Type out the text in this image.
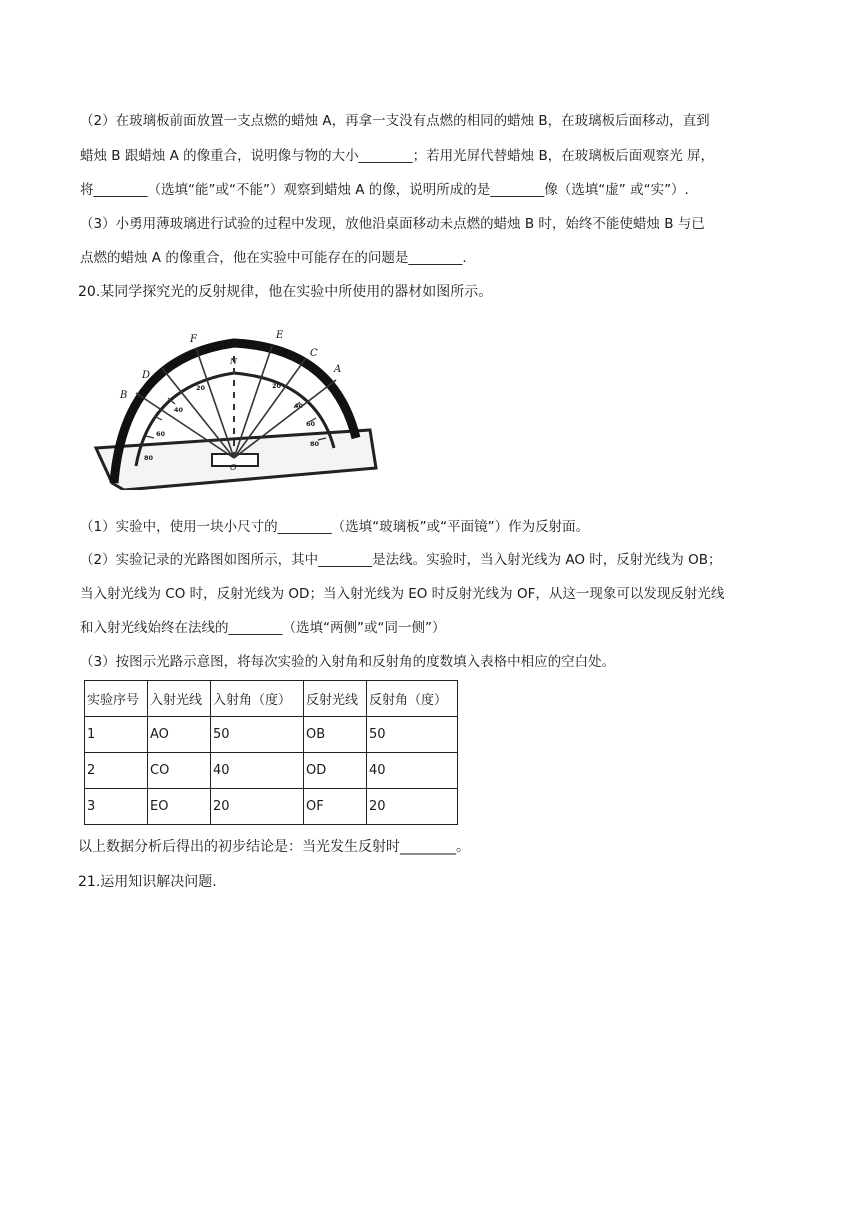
（2）在玻璃板前面放置一支点燃的蜡烛 A，再拿一支没有点燃的相同的蜡烛 B，在玻璃板后面移动，直到
蜡烛 B 跟蜡烛 A 的像重合，说明像与物的大小________；若用光屏代替蜡烛 B，在玻璃板后面观察光 屏，
将________（选填“能”或“不能”）观察到蜡烛 A 的像，说明所成的是________像（选填“虚” 或“实”）.
（3）小勇用薄玻璃进行试验的过程中发现，放他沿桌面移动未点燃的蜡烛 B 时，始终不能使蜡烛 B 与已
点燃的蜡烛 A 的像重合，他在实验中可能存在的问题是________.
20.某同学探究光的反射规律，他在实验中所使用的器材如图所示。
B
D
F
N
E
C
A
O
20
40
60
80
80
60
40
20
（1）实验中，使用一块小尺寸的________（选填“玻璃板”或“平面镜”）作为反射面。
（2）实验记录的光路图如图所示，其中________是法线。实验时，当入射光线为 AO 时，反射光线为 OB；
当入射光线为 CO 时，反射光线为 OD；当入射光线为 EO 时反射光线为 OF，从这一现象可以发现反射光线
和入射光线始终在法线的________（选填“两侧”或“同一侧”）
（3）按图示光路示意图，将每次实验的入射角和反射角的度数填入表格中相应的空白处。
实验序号	入射光线	入射角（度）	反射光线	反射角（度）
1	AO	50	OB	50
2	CO	40	OD	40
3	EO	20	OF	20
以上数据分析后得出的初步结论是：当光发生反射时________。
21.运用知识解决问题.
